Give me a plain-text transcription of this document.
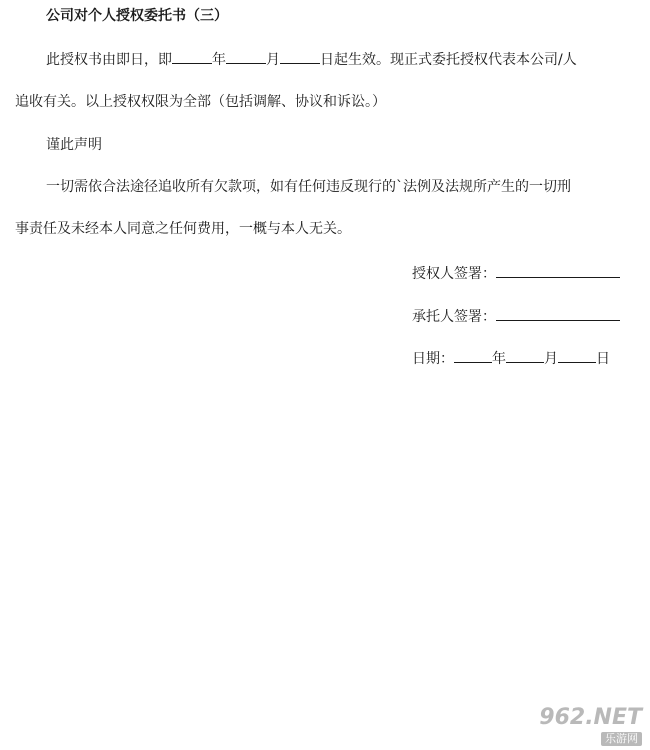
公司对个人授权委托书（三）
此授权书由即日，即	年	月	日起生效。现正式委托授权代表本公司/人
追收有关。以上授权权限为全部（包括调解、协议和诉讼。）
谨此声明
一切需依合法途径追收所有欠款项，如有任何违反现行的`法例及法规所产生的一切刑
事责任及未经本人同意之任何费用，一概与本人无关。
授权人签署：
承托人签署：
日期：	年	月	日
962.NET
乐游网
